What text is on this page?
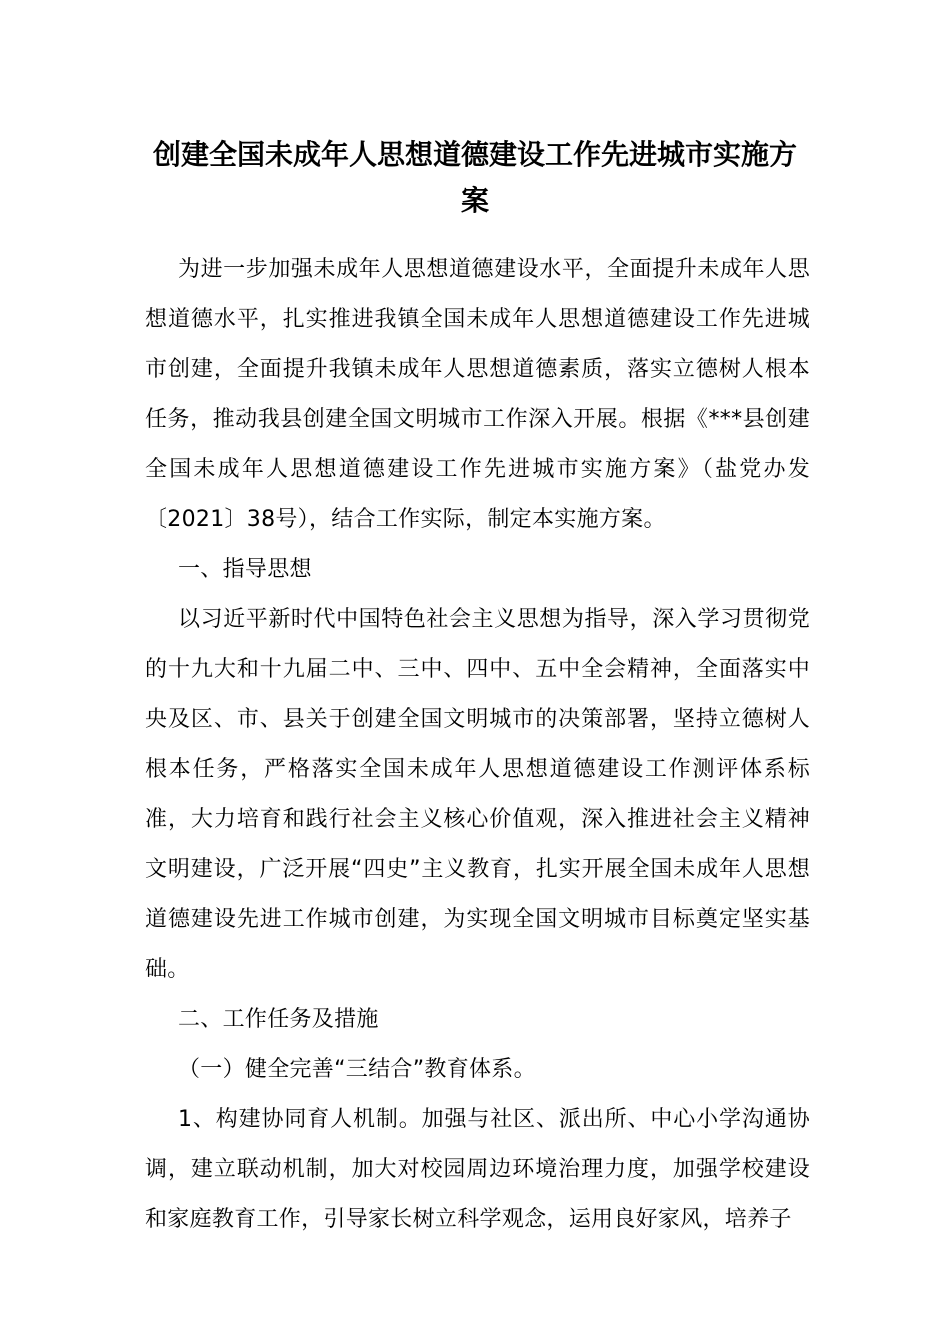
创建全国未成年人思想道德建设工作先进城市实施方案

为进一步加强未成年人思想道德建设水平，全面提升未成年人思想道德水平，扎实推进我镇全国未成年人思想道德建设工作先进城市创建，全面提升我镇未成年人思想道德素质，落实立德树人根本任务，推动我县创建全国文明城市工作深入开展。根据《***县创建全国未成年人思想道德建设工作先进城市实施方案》（盐党办发〔2021〕38号），结合工作实际，制定本实施方案。

一、指导思想

以习近平新时代中国特色社会主义思想为指导，深入学习贯彻党的十九大和十九届二中、三中、四中、五中全会精神，全面落实中央及区、市、县关于创建全国文明城市的决策部署，坚持立德树人根本任务，严格落实全国未成年人思想道德建设工作测评体系标准，大力培育和践行社会主义核心价值观，深入推进社会主义精神文明建设，广泛开展“四史”主义教育，扎实开展全国未成年人思想道德建设先进工作城市创建，为实现全国文明城市目标奠定坚实基础。

二、工作任务及措施

（一）健全完善“三结合”教育体系。

1、构建协同育人机制。加强与社区、派出所、中心小学沟通协调，建立联动机制，加大对校园周边环境治理力度，加强学校建设和家庭教育工作，引导家长树立科学观念，运用良好家风，培养子
